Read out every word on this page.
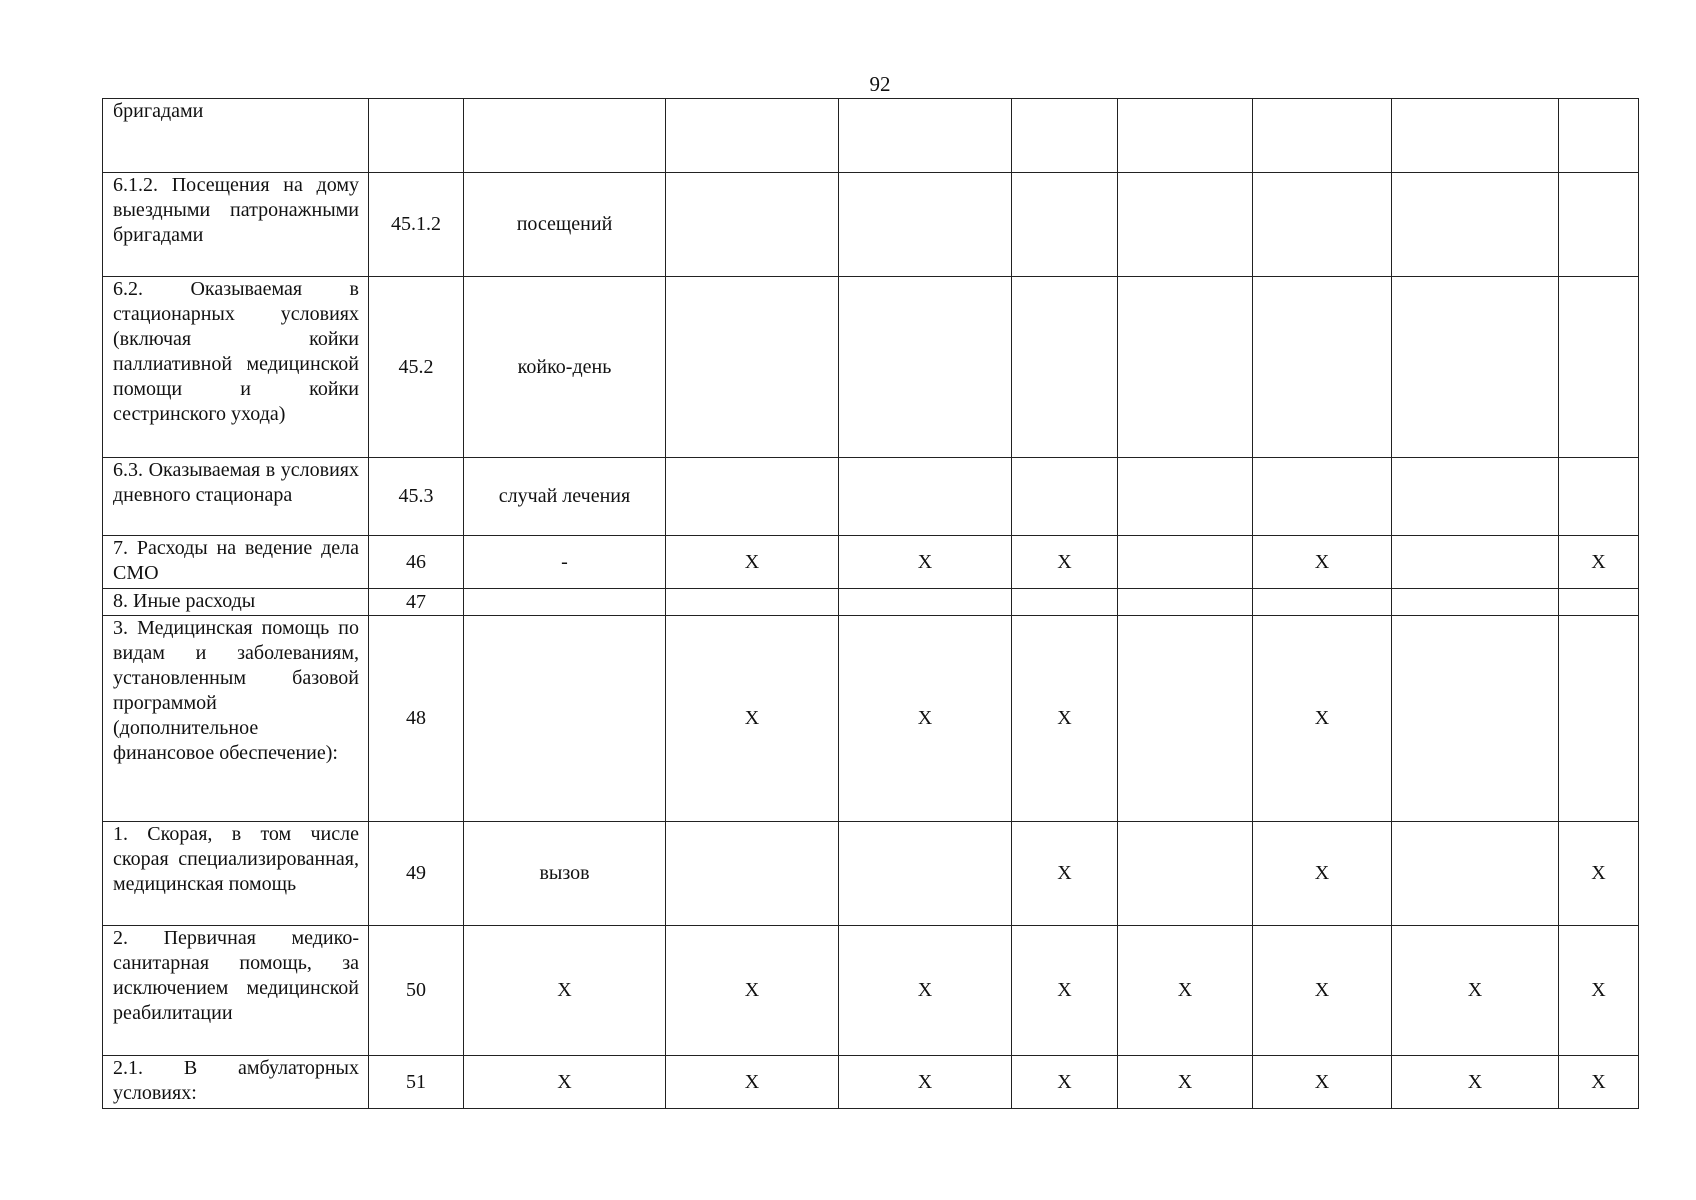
92
бригадами									
6.1.2. Посещения на дому выездными патронажными бригадами	45.1.2	посещений							
6.2. Оказываемая в стационарных условиях (включая койки паллиативной медицинской помощи и койки сестринского ухода)	45.2	койко-день							
6.3. Оказываемая в условиях дневного стационара	45.3	случай лечения							
7. Расходы на ведение дела СМО	46	-	X	X	X		X		X
8. Иные расходы	47								
3. Медицинская помощь по видам и заболеваниям, установленным базовой программой (дополнительное финансовое обеспечение):	48		X	X	X		X		
1. Скорая, в том числе скорая специализированная, медицинская помощь	49	вызов			X		X		X
2. Первичная медико-санитарная помощь, за исключением медицинской реабилитации	50	X	X	X	X	X	X	X	X
2.1. В амбулаторных условиях:	51	X	X	X	X	X	X	X	X
